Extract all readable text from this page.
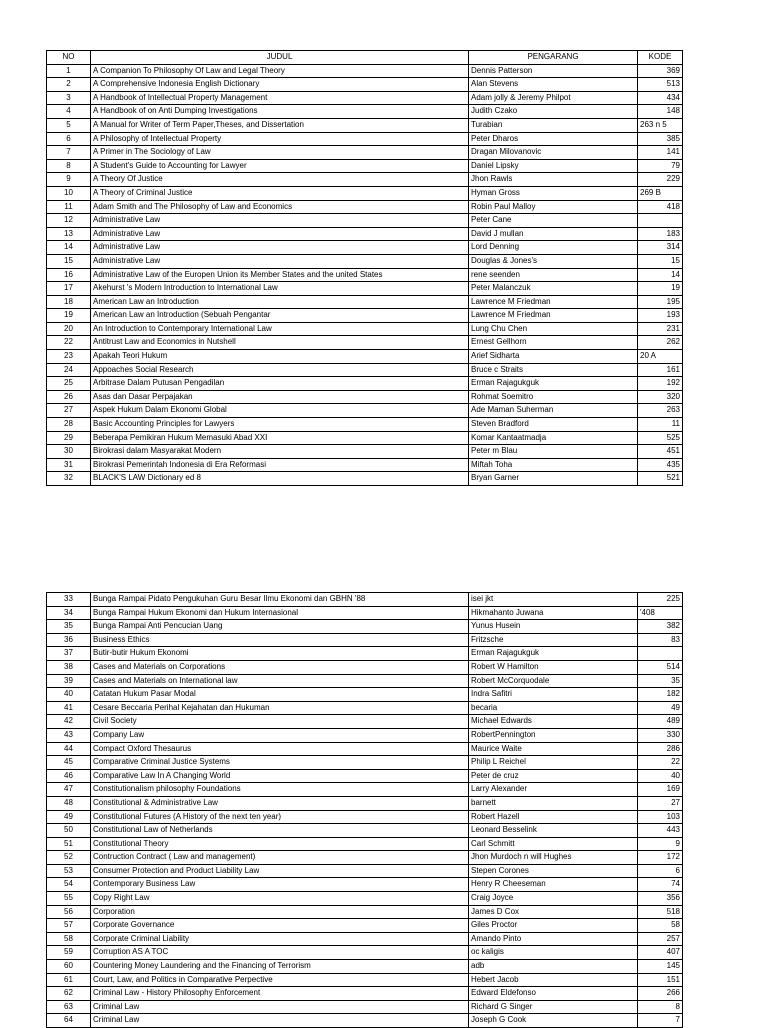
NO	JUDUL	PENGARANG	KODE
1	A Companion To Philosophy Of Law and Legal Theory	Dennis Patterson	369
2	A Comprehensive Indonesia English Dictionary	Alan Stevens	513
3	A Handbook of Intellectual Property Management	Adam jolly & Jeremy Philpot	434
4	A Handbook of on Anti Dumping Investigations	Judith Czako	148
5	A Manual for Writer of Term Paper,Theses, and Dissertation	Turabian	263 n 5
6	A Philosophy of Intellectual Property	Peter Dharos	385
7	A Primer in The Sociology of Law	Dragan Milovanovic	141
8	A Student's Guide to Accounting for Lawyer	Daniel Lipsky	79
9	A Theory Of Justice	Jhon Rawls	229
10	A Theory of Criminal Justice	Hyman Gross	269 B
11	Adam Smith and The Philosophy of Law and Economics	Robin Paul Malloy	418
12	Administrative Law	Peter Cane	
13	Administrative Law	David J mullan	183
14	Administrative Law	Lord Denning	314
15	Administrative Law	Douglas & Jones's	15
16	Administrative Law of the Europen Union its Member States and the united States	rene seenden	14
17	Akehurst 's Modern Introduction to International Law	Peter Malanczuk	19
18	American Law an Introduction	Lawrence M Friedman	195
19	American Law an Introduction (Sebuah Pengantar	Lawrence M Friedman	193
20	An Introduction to Contemporary International Law	Lung Chu Chen	231
22	Antitrust Law and Economics in Nutshell	Ernest Gellhorn	262
23	Apakah Teori Hukum	Arief Sidharta	20 A
24	Appoaches Social Research	Bruce c Straits	161
25	Arbitrase Dalam Putusan Pengadilan	Erman Rajagukguk	192
26	Asas dan Dasar Perpajakan	Rohmat Soemitro	320
27	Aspek Hukum Dalam Ekonomi Global	Ade Maman Suherman	263
28	Basic Accounting Principles for Lawyers	Steven Bradford	11
29	Beberapa Pemikiran Hukum Memasuki Abad XXI	Komar Kantaatmadja	525
30	Birokrasi dalam Masyarakat Modern	Peter m Blau	451
31	Birokrasi Pemerintah Indonesia di Era Reformasi	Miftah Toha	435
32	BLACK'S LAW Dictionary ed 8	Bryan Garner	521
33	Bunga Rampai Pidato Pengukuhan Guru Besar Ilmu Ekonomi dan GBHN '88	isei jkt	225
34	Bunga Rampai Hukum Ekonomi dan Hukum Internasional	Hikmahanto Juwana	'408
35	Bunga Rampai Anti Pencucian Uang	Yunus Husein	382
36	Business Ethics	Fritzsche	83
37	Butir-butir Hukum Ekonomi	Erman Rajagukguk	
38	Cases and Materials on Corporations	Robert W Hamilton	514
39	Cases and Materials on International law	Robert McCorquodale	35
40	Catatan Hukum Pasar Modal	Indra Safitri	182
41	Cesare Beccaria Perihal Kejahatan dan Hukuman	becaria	49
42	Civil Society	Michael Edwards	489
43	Company Law	RobertPennington	330
44	Compact Oxford Thesaurus	Maurice Waite	286
45	Comparative Criminal Justice Systems	Philip L Reichel	22
46	Comparative Law In A Changing World	Peter de cruz	40
47	Constitutionalism philosophy Foundations	Larry Alexander	169
48	Constitutional & Administrative Law	barnett	27
49	Constitutional Futures (A History of the next ten year)	Robert Hazell	103
50	Constitutional Law of Netherlands	Leonard Besselink	443
51	Constitutional Theory	Carl Schmitt	9
52	Contruction Contract ( Law and management)	Jhon Murdoch n will Hughes	172
53	Consumer Protection and Product Liability Law	Stepen Corones	6
54	Contemporary Business Law	Henry R Cheeseman	74
55	Copy Right Law	Craig Joyce	356
56	Corporation	James D Cox	518
57	Corporate Governance	Giles Proctor	58
58	Corporate Criminal Liability	Amando Pinto	257
59	Corruption AS A TOC	oc kaligis	407
60	Countering Money Laundering and the Financing of Terrorism	adb	145
61	Court, Law, and Politics in Comparative Perpective	Hebert Jacob	151
62	Criminal Law - History Philosophy Enforcement	Edward Eldefonso	266
63	Criminal Law	Richard G Singer	8
64	Criminal Law	Joseph G Cook	7
